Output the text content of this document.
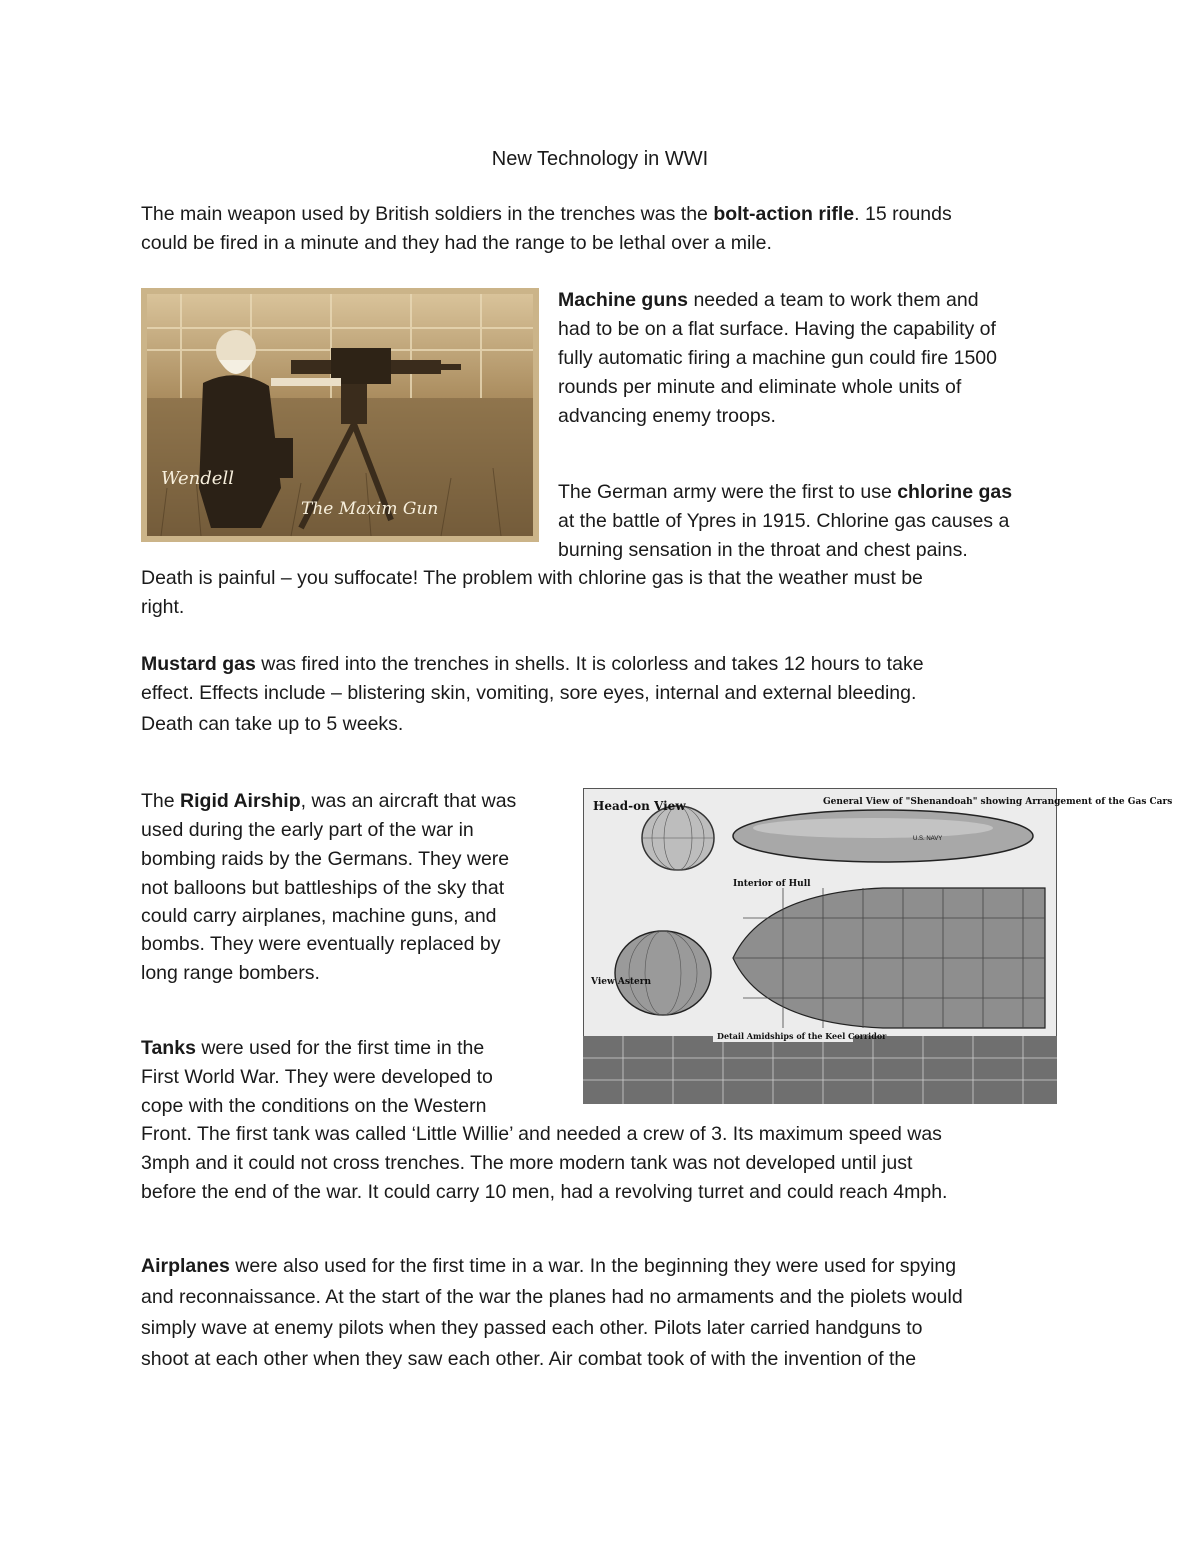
New Technology in WWI
The main weapon used by British soldiers in the trenches was the bolt-action rifle. 15 rounds
could be fired in a minute and they had the range to be lethal over a mile.
Wendell
The Maxim Gun
Machine guns needed a team to work them and
had to be on a flat surface. Having the capability of
fully automatic firing a machine gun could fire 1500
rounds per minute and eliminate whole units of
advancing enemy troops.
The German army were the first to use chlorine gas
at the battle of Ypres in 1915. Chlorine gas causes a
burning sensation in the throat and chest pains.
Death is painful – you suffocate! The problem with chlorine gas is that the weather must be
right.
Mustard gas was fired into the trenches in shells. It is colorless and takes 12 hours to take
effect. Effects include – blistering skin, vomiting, sore eyes, internal and external bleeding.
Death can take up to 5 weeks.
The Rigid Airship, was an aircraft that was
used during the early part of the war in
bombing raids by the Germans. They were
not balloons but battleships of the sky that
could carry airplanes, machine guns, and
bombs. They were eventually replaced by
long range bombers.
Head-on View
U.S. NAVY
General View of "Shenandoah" showing Arrangement of the Gas Cars
Interior of Hull
View Astern
Detail Amidships of the Keel Corridor
Tanks were used for the first time in the
First World War. They were developed to
cope with the conditions on the Western
Front. The first tank was called ‘Little Willie’ and needed a crew of 3. Its maximum speed was
3mph and it could not cross trenches. The more modern tank was not developed until just
before the end of the war. It could carry 10 men, had a revolving turret and could reach 4mph.
Airplanes were also used for the first time in a war. In the beginning they were used for spying
and reconnaissance. At the start of the war the planes had no armaments and the piolets would
simply wave at enemy pilots when they passed each other. Pilots later carried handguns to
shoot at each other when they saw each other. Air combat took of with the invention of the
